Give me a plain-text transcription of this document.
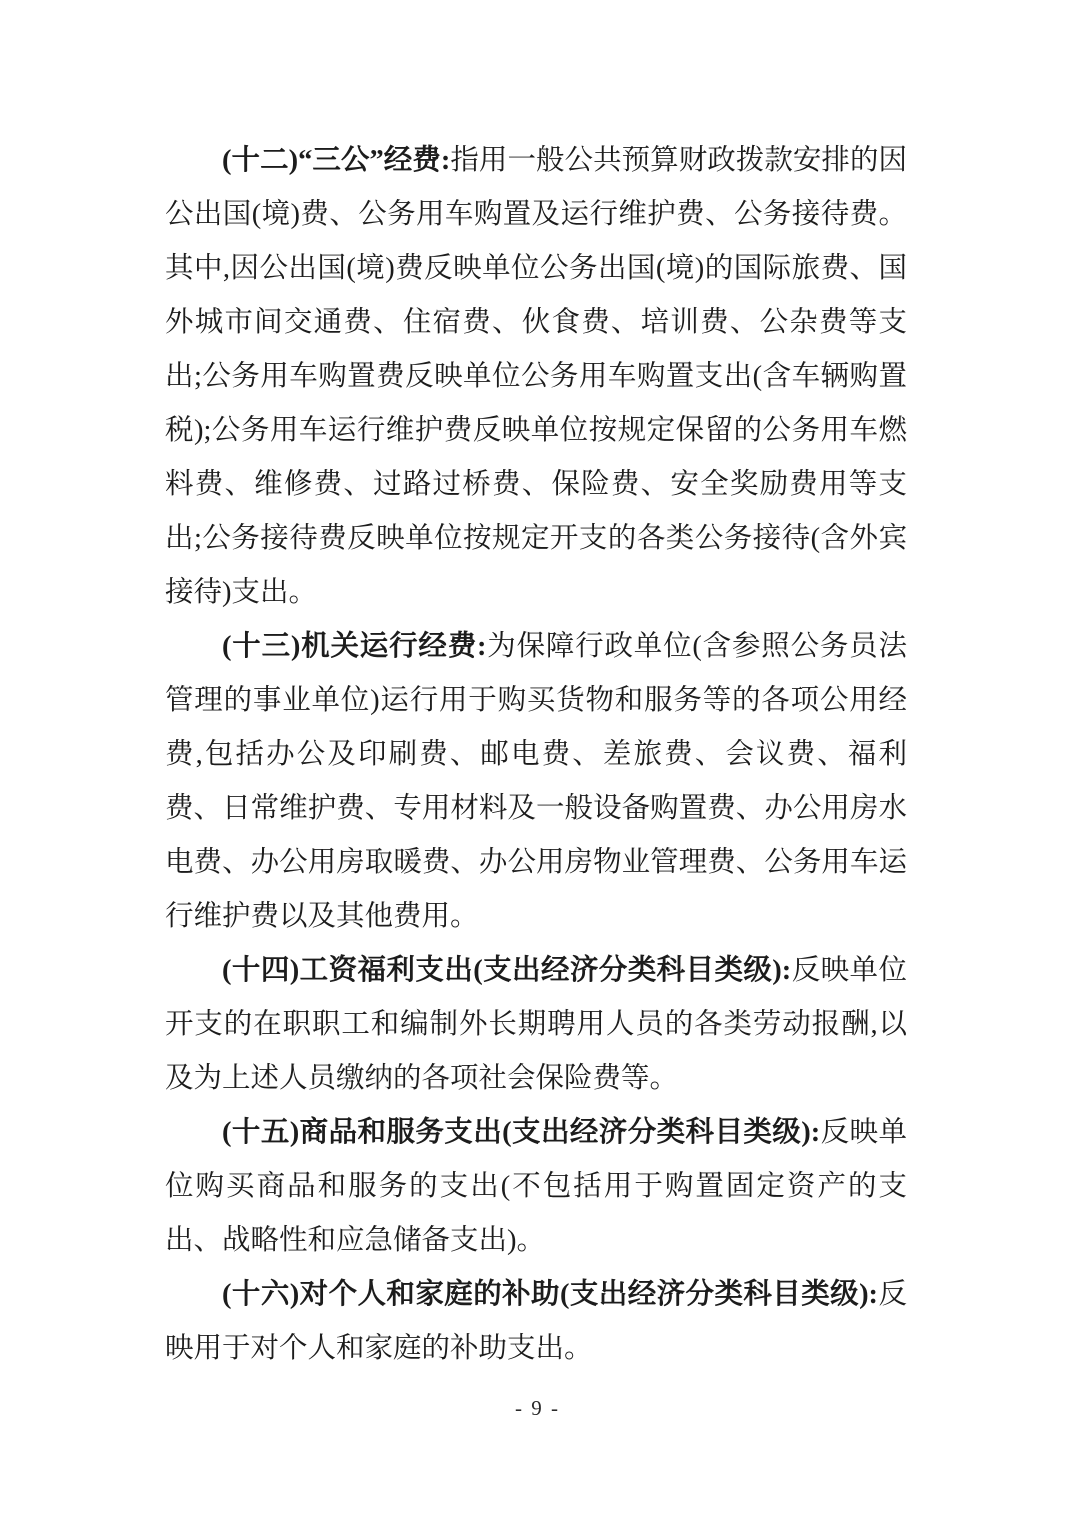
(十二)“三公”经费:指用一般公共预算财政拨款安排的因公出国(境)费、公务用车购置及运行维护费、公务接待费。其中,因公出国(境)费反映单位公务出国(境)的国际旅费、国外城市间交通费、住宿费、伙食费、培训费、公杂费等支出;公务用车购置费反映单位公务用车购置支出(含车辆购置税);公务用车运行维护费反映单位按规定保留的公务用车燃料费、维修费、过路过桥费、保险费、安全奖励费用等支出;公务接待费反映单位按规定开支的各类公务接待(含外宾接待)支出。

(十三)机关运行经费:为保障行政单位(含参照公务员法管理的事业单位)运行用于购买货物和服务等的各项公用经费,包括办公及印刷费、邮电费、差旅费、会议费、福利费、日常维护费、专用材料及一般设备购置费、办公用房水电费、办公用房取暖费、办公用房物业管理费、公务用车运行维护费以及其他费用。

(十四)工资福利支出(支出经济分类科目类级):反映单位开支的在职职工和编制外长期聘用人员的各类劳动报酬,以及为上述人员缴纳的各项社会保险费等。

(十五)商品和服务支出(支出经济分类科目类级):反映单位购买商品和服务的支出(不包括用于购置固定资产的支出、战略性和应急储备支出)。

(十六)对个人和家庭的补助(支出经济分类科目类级):反映用于对个人和家庭的补助支出。

- 9 -
